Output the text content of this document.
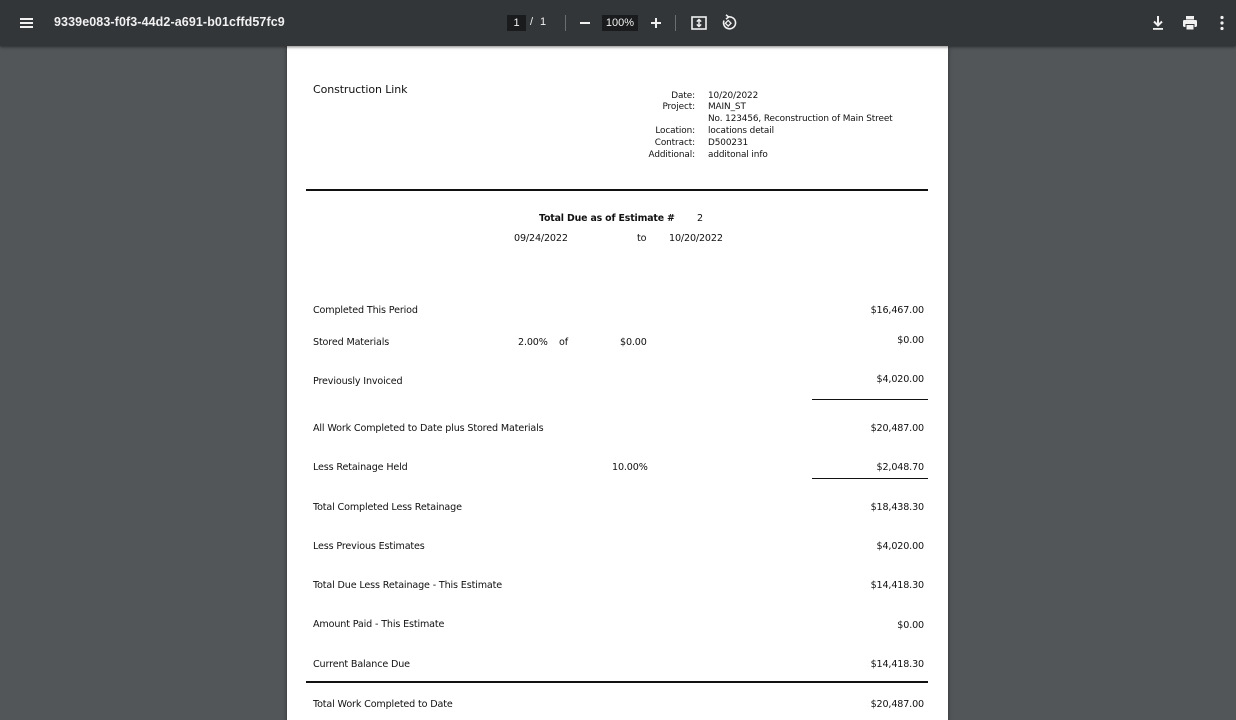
9339e083-f0f3-44d2-a691-b01cffd57fc9	1 / 1	100%
Construction Link	Date: 10/20/2022
Project: MAIN_ST
No. 123456, Reconstruction of Main Street
Location: locations detail
Contract: D500231
Additional: additonal info
Total Due as of Estimate # 2
09/24/2022	to 10/20/2022
Completed This Period	$16,467.00
Stored Materials	2.00% of	$0.00	$0.00
Previously Invoiced	$4,020.00
All Work Completed to Date plus Stored Materials	$20,487.00
Less Retainage Held	10.00%	$2,048.70
Total Completed Less Retainage	$18,438.30
Less Previous Estimates	$4,020.00
Total Due Less Retainage - This Estimate	$14,418.30
Amount Paid - This Estimate	$0.00
Current Balance Due	$14,418.30
Total Work Completed to Date	$20,487.00
